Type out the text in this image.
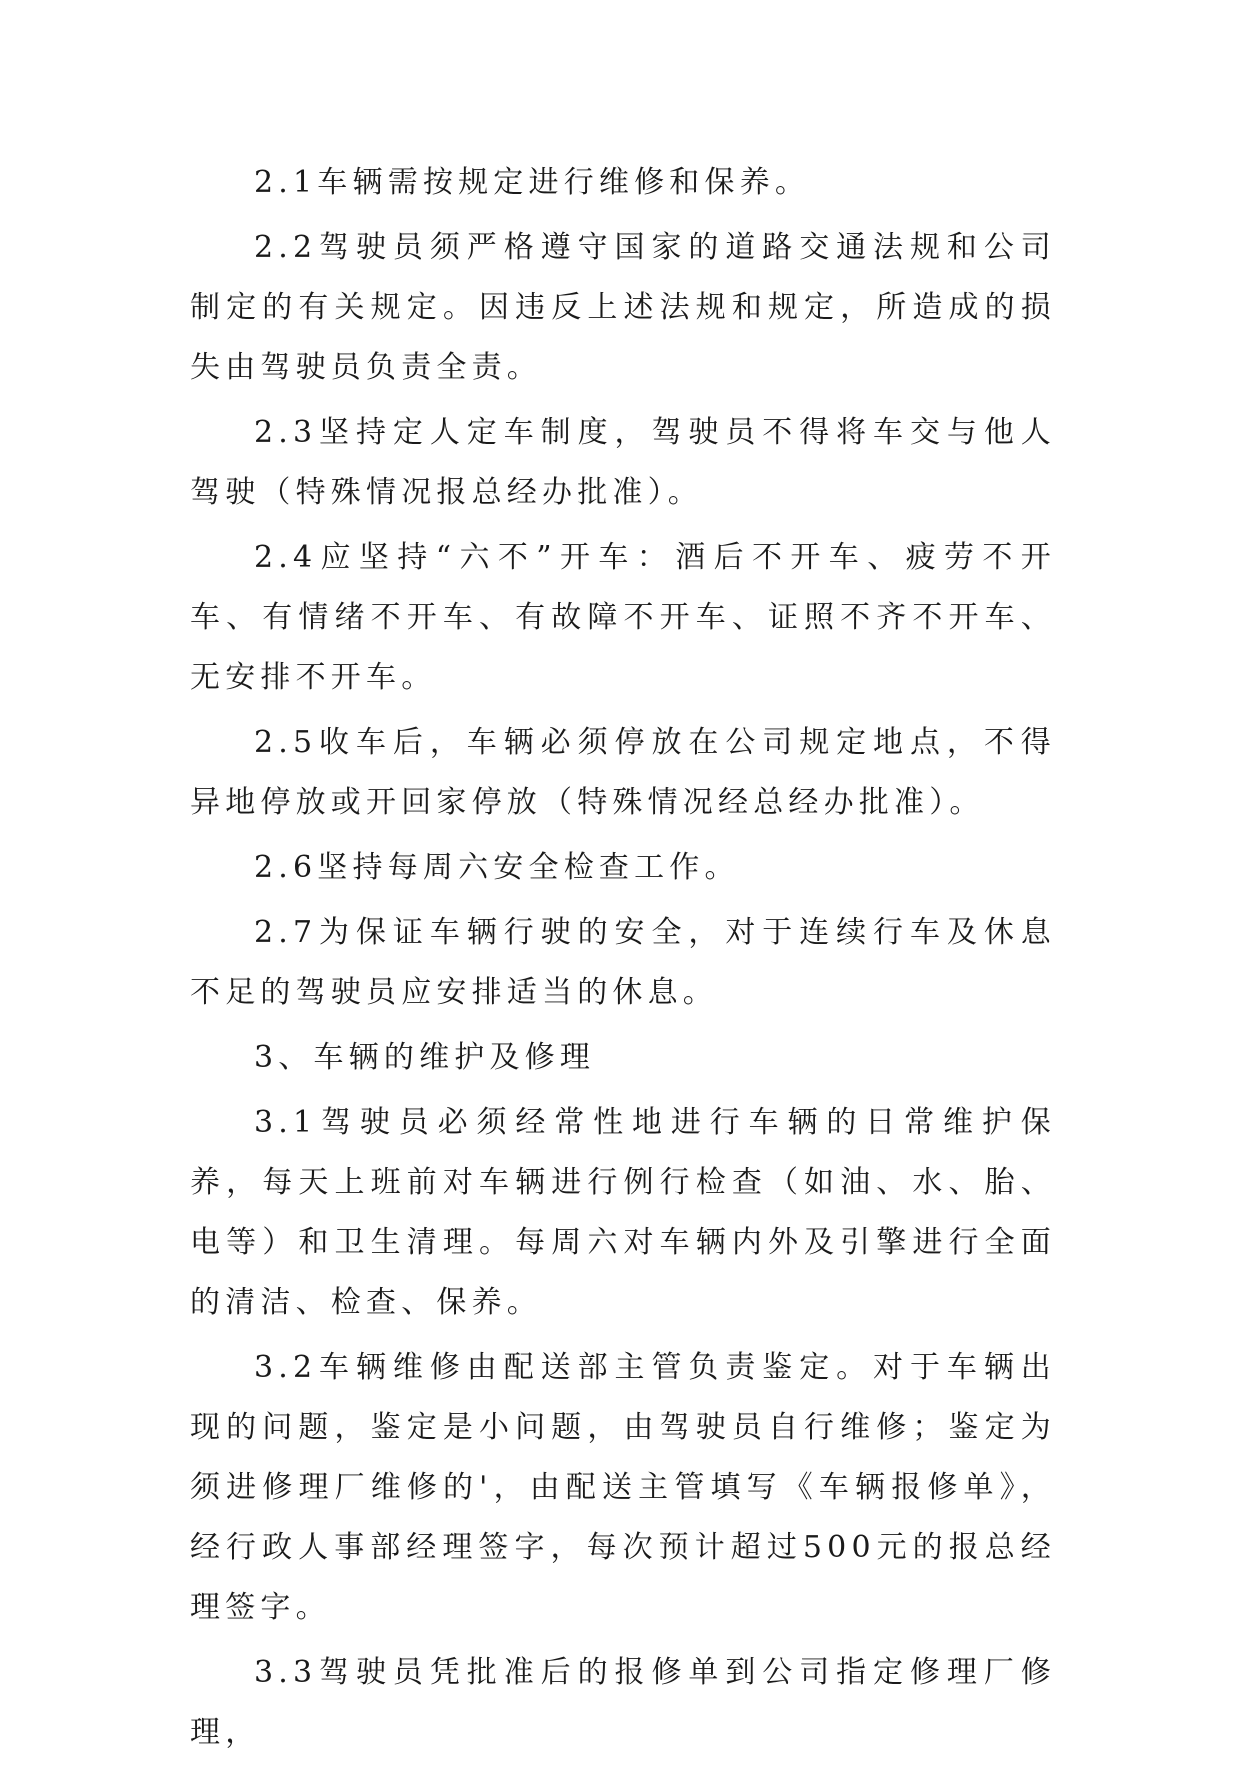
2.1车辆需按规定进行维修和保养。

2.2驾驶员须严格遵守国家的道路交通法规和公司制定的有关规定。因违反上述法规和规定，所造成的损失由驾驶员负责全责。

2.3坚持定人定车制度，驾驶员不得将车交与他人驾驶（特殊情况报总经办批准）。

2.4应坚持“六不”开车：酒后不开车、疲劳不开车、有情绪不开车、有故障不开车、证照不齐不开车、无安排不开车。

2.5收车后，车辆必须停放在公司规定地点，不得异地停放或开回家停放（特殊情况经总经办批准）。

2.6坚持每周六安全检查工作。

2.7为保证车辆行驶的安全，对于连续行车及休息不足的驾驶员应安排适当的休息。

3、车辆的维护及修理

3.1驾驶员必须经常性地进行车辆的日常维护保养，每天上班前对车辆进行例行检查（如油、水、胎、电等）和卫生清理。每周六对车辆内外及引擎进行全面的清洁、检查、保养。

3.2车辆维修由配送部主管负责鉴定。对于车辆出现的问题，鉴定是小问题，由驾驶员自行维修；鉴定为须进修理厂维修的'，由配送主管填写《车辆报修单》，经行政人事部经理签字，每次预计超过500元的报总经理签字。

3.3驾驶员凭批准后的报修单到公司指定修理厂修理，
